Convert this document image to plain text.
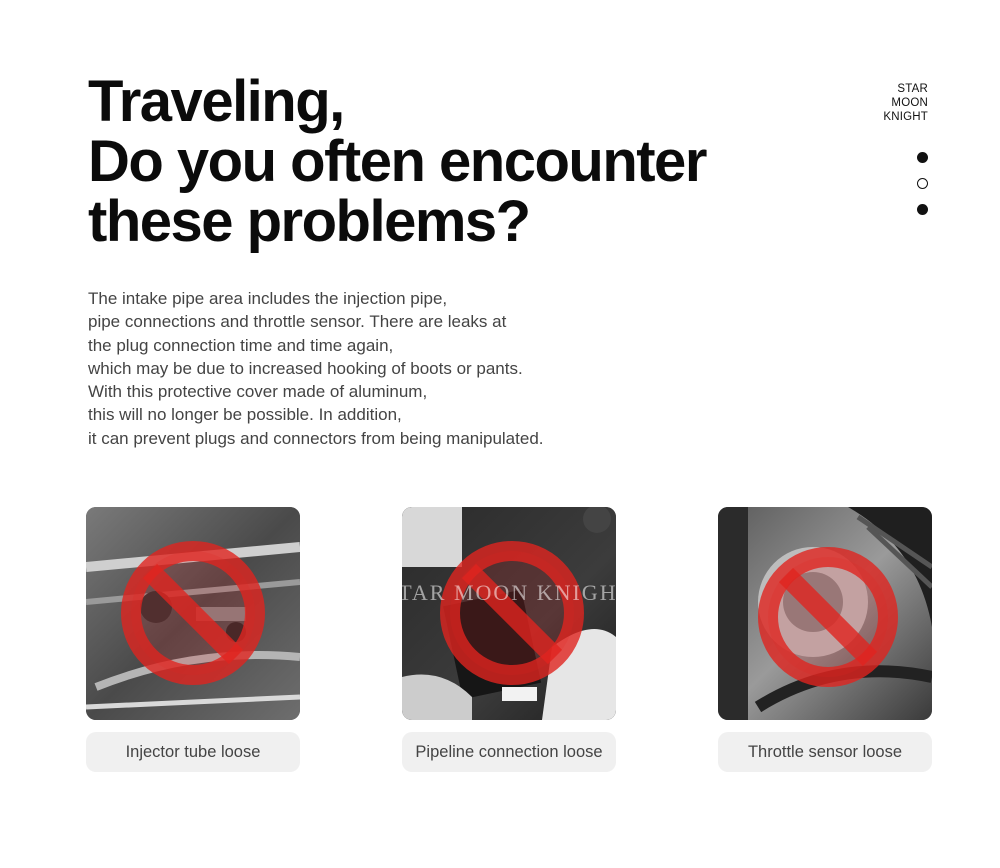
Traveling,
Do you often encounter
these problems?
STAR
MOON
KNIGHT
The intake pipe area includes the injection pipe,
pipe connections and throttle sensor. There are leaks at
the plug connection time and time again,
which may be due to increased hooking of boots or pants.
With this protective cover made of aluminum,
this will no longer be possible. In addition,
it can prevent plugs and connectors from being manipulated.
Injector tube loose	Pipeline connection loose	Throttle sensor loose
STAR MOON KNIGHT
